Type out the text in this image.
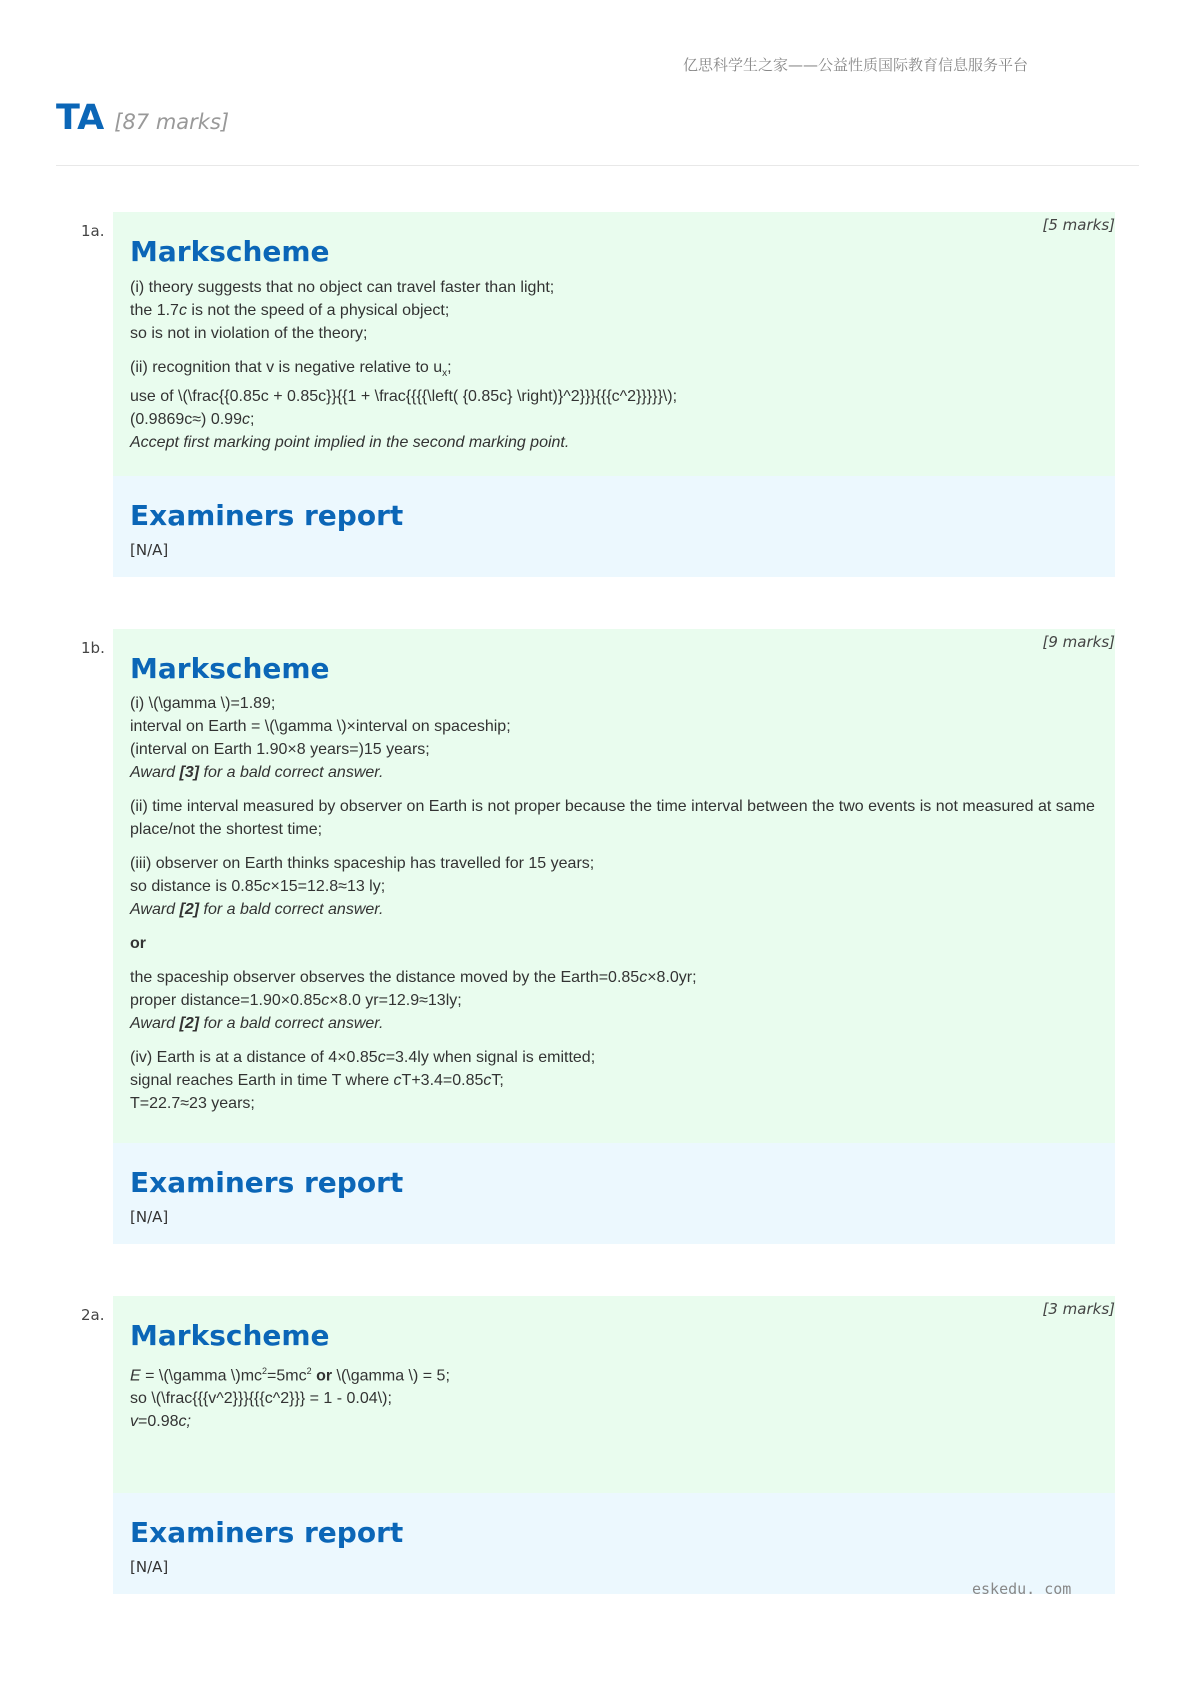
亿思科学生之家——公益性质国际教育信息服务平台
TA [87 marks]
1a.	[5 marks]
Markscheme

(i) theory suggests that no object can travel faster than light;
the 1.7c is not the speed of a physical object;
so is not in violation of the theory;

(ii) recognition that v is negative relative to $u_x$;
use of \(\frac{{0.85c + 0.85c}}{{1 + \frac{{{{\left( {0.85c} \right)}^2}}}{{{c^2}}}}}\);
(0.9869c≈) 0.99c;
Accept first marking point implied in the second marking point.

Examiners report
[N/A]
1b.	[9 marks]
Markscheme

(i) \(\gamma \)=1.89;
interval on Earth = \(\gamma \)×interval on spaceship;
(interval on Earth 1.90×8 years=)15 years;
Award [3] for a bald correct answer.

(ii) time interval measured by observer on Earth is not proper because the time interval between the two events is not measured at same place/not the shortest time;

(iii) observer on Earth thinks spaceship has travelled for 15 years;
so distance is 0.85c×15=12.8≈13 ly;
Award [2] for a bald correct answer.

or

the spaceship observer observes the distance moved by the Earth=0.85c×8.0yr;
proper distance=1.90×0.85c×8.0 yr=12.9≈13ly;
Award [2] for a bald correct answer.

(iv) Earth is at a distance of 4×0.85c=3.4ly when signal is emitted;
signal reaches Earth in time T where cT+3.4=0.85cT;
T=22.7≈23 years;

Examiners report
[N/A]
2a.	[3 marks]
Markscheme

E = \(\gamma $\backslash)mc^2=5mc^2$ or \(\gamma \) = 5;
so \(\frac{{{v^2}}}{{{c^2}}} = 1 - 0.04\);
v=0.98c;

Examiners report
[N/A]
eskedu. com
